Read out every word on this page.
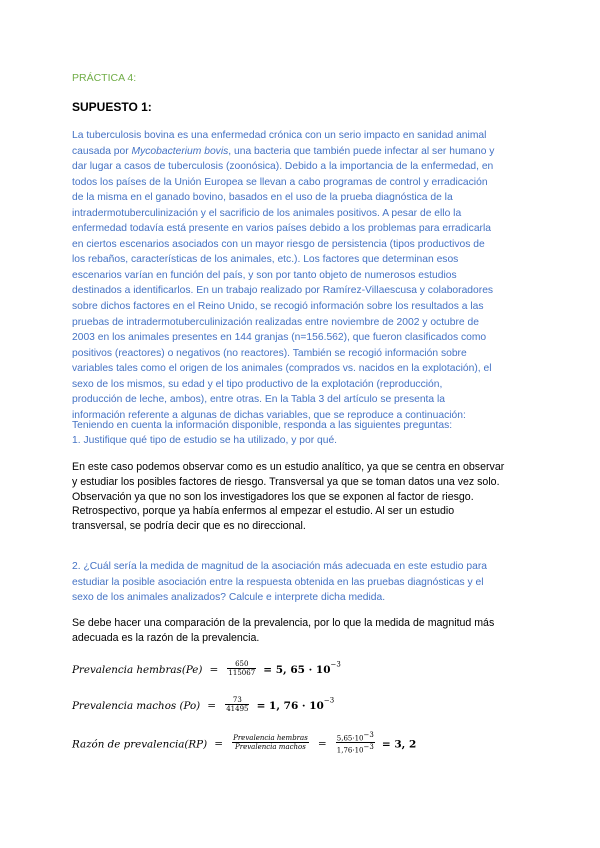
PRÁCTICA 4:
SUPUESTO 1:

La tuberculosis bovina es una enfermedad crónica con un serio impacto en sanidad animal
causada por Mycobacterium bovis, una bacteria que también puede infectar al ser humano y
dar lugar a casos de tuberculosis (zoonósica). Debido a la importancia de la enfermedad, en
todos los países de la Unión Europea se llevan a cabo programas de control y erradicación
de la misma en el ganado bovino, basados en el uso de la prueba diagnóstica de la
intradermotuberculinización y el sacrificio de los animales positivos. A pesar de ello la
enfermedad todavía está presente en varios países debido a los problemas para erradicarla
en ciertos escenarios asociados con un mayor riesgo de persistencia (tipos productivos de
los rebaños, características de los animales, etc.). Los factores que determinan esos
escenarios varían en función del país, y son por tanto objeto de numerosos estudios
destinados a identificarlos. En un trabajo realizado por Ramírez-Villaescusa y colaboradores
sobre dichos factores en el Reino Unido, se recogió información sobre los resultados a las
pruebas de intradermotuberculinización realizadas entre noviembre de 2002 y octubre de
2003 en los animales presentes en 144 granjas (n=156.562), que fueron clasificados como
positivos (reactores) o negativos (no reactores). También se recogió información sobre
variables tales como el origen de los animales (comprados vs. nacidos en la explotación), el
sexo de los mismos, su edad y el tipo productivo de la explotación (reproducción,
producción de leche, ambos), entre otras. En la Tabla 3 del artículo se presenta la
información referente a algunas de dichas variables, que se reproduce a continuación:

Teniendo en cuenta la información disponible, responda a las siguientes preguntas:
1. Justifique qué tipo de estudio se ha utilizado, y por qué.

En este caso podemos observar como es un estudio analítico, ya que se centra en observar
y estudiar los posibles factores de riesgo. Transversal ya que se toman datos una vez solo.
Observación ya que no son los investigadores los que se exponen al factor de riesgo.
Retrospectivo, porque ya había enfermos al empezar el estudio. Al ser un estudio
transversal, se podría decir que es no direccional.

2. ¿Cuál sería la medida de magnitud de la asociación más adecuada en este estudio para
estudiar la posible asociación entre la respuesta obtenida en las pruebas diagnósticas y el
sexo de los animales analizados? Calcule e interprete dicha medida.

Se debe hacer una comparación de la prevalencia, por lo que la medida de magnitud más
adecuada es la razón de la prevalencia.

Prevalencia hembras(Pe) = $\frac{650}{115067} = 5$, $65 \cdot 10^{-3}$
Prevalencia machos $(Po) = \frac{73}{41495} = 1$, $76 \cdot 10^{-3}$
Razón de prevalencia(RP) = $\frac{\text{Prevalencia hembras}}{\text{Prevalencia machos}} = \frac{5,65\cdot 10^{-3}}{1,76\cdot 10^{-3}} = 3$, 2
